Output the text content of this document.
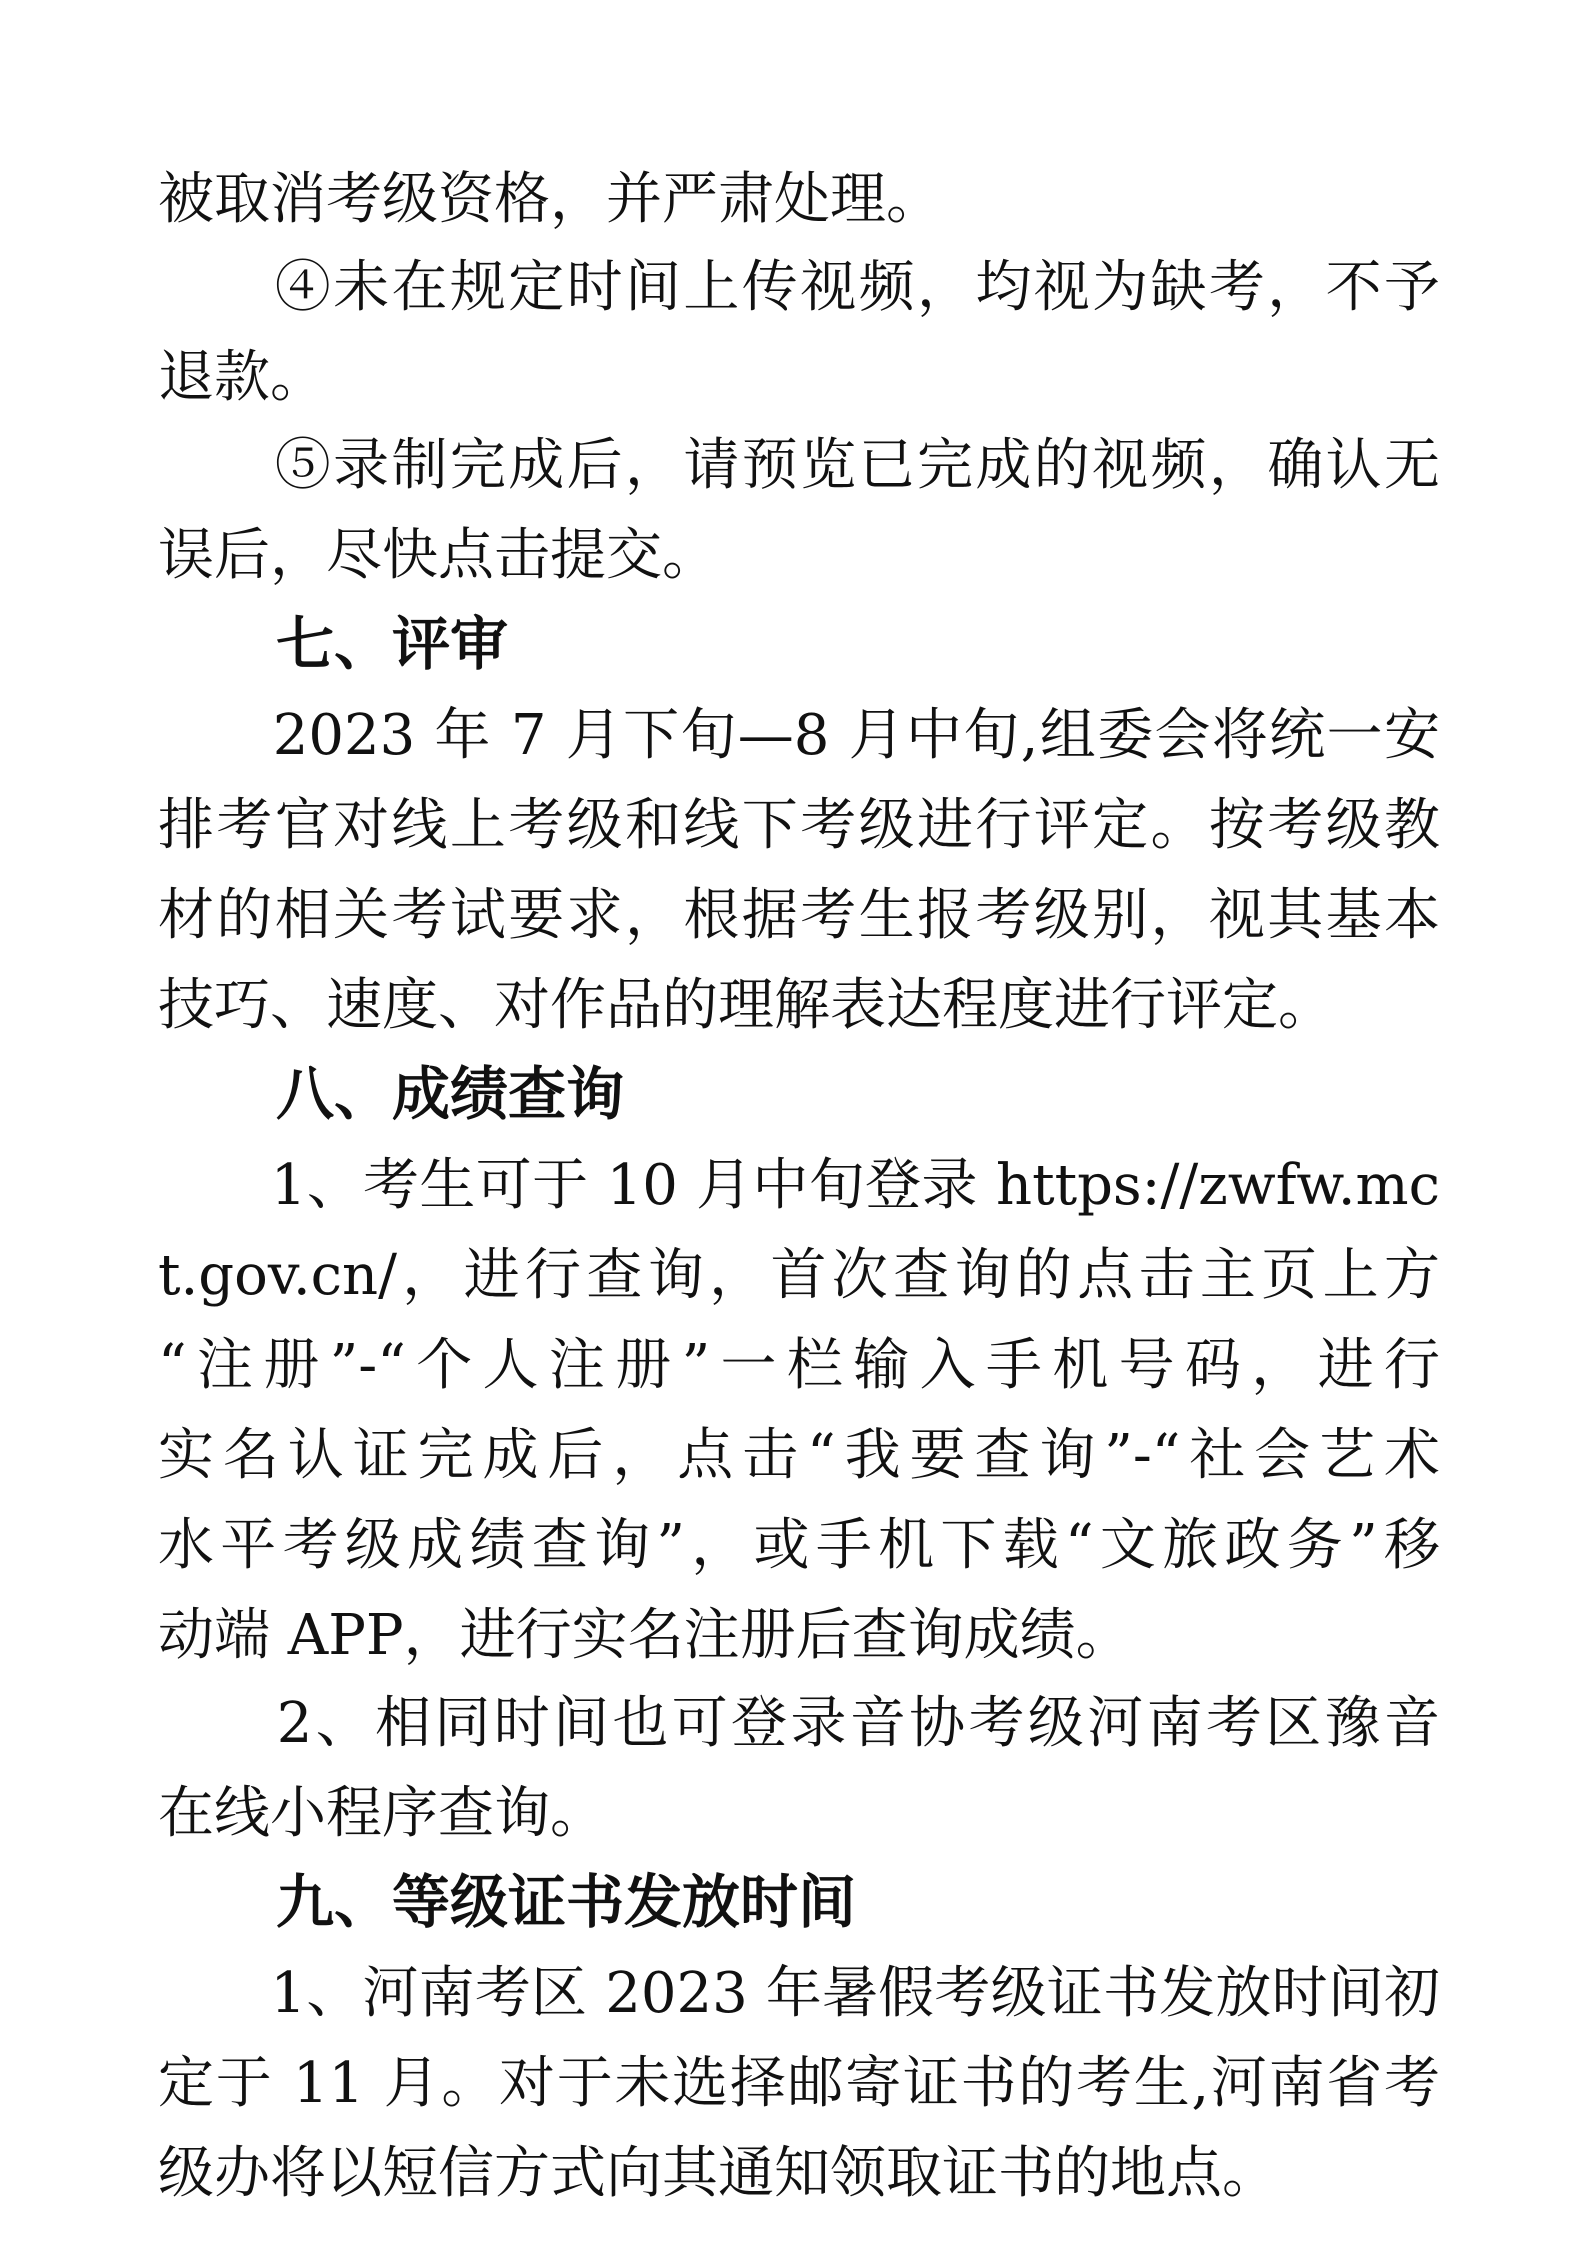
被取消考级资格，并严肃处理。
　　④未在规定时间上传视频，均视为缺考，不予
退款。
　　⑤录制完成后，请预览已完成的视频，确认无
误后，尽快点击提交。
七、评审
　　2023 年 7 月下旬—8 月中旬,组委会将统一安
排考官对线上考级和线下考级进行评定。按考级教
材的相关考试要求，根据考生报考级别，视其基本
技巧、速度、对作品的理解表达程度进行评定。
八、成绩查询
　　1、考生可于 10 月中旬登录 https://zwfw.mc
t.gov.cn/，进行查询，首次查询的点击主页上方
“注册”-“个人注册”一栏输入手机号码，进行
实名认证完成后，点击“我要查询”-“社会艺术
水平考级成绩查询”，或手机下载“文旅政务”移
动端 APP，进行实名注册后查询成绩。
　　2、相同时间也可登录音协考级河南考区豫音
在线小程序查询。
九、等级证书发放时间
　　1、河南考区 2023 年暑假考级证书发放时间初
定于 11 月。对于未选择邮寄证书的考生,河南省考
级办将以短信方式向其通知领取证书的地点。
